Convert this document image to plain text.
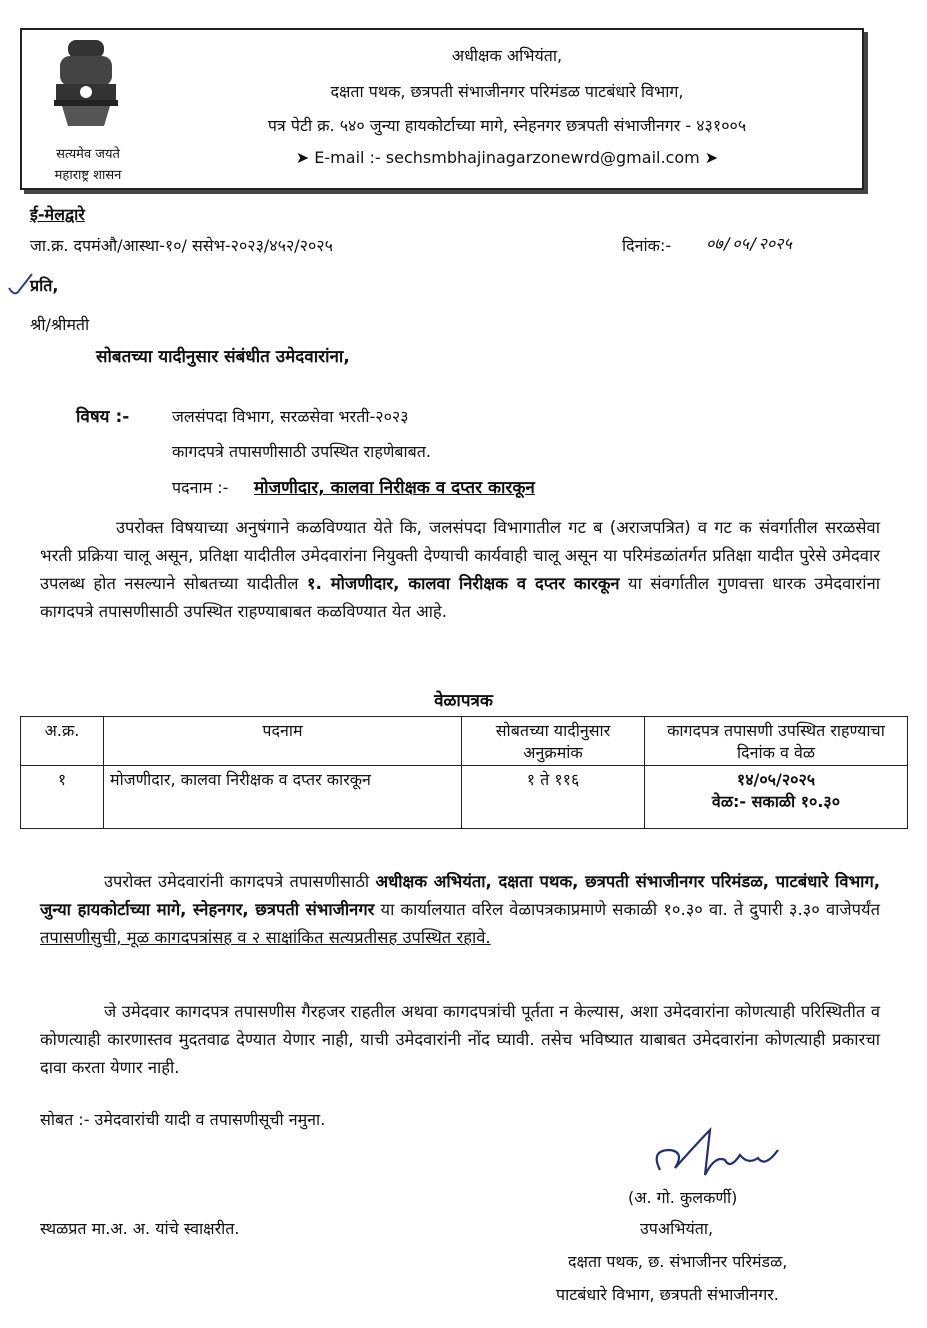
सत्यमेव जयते
महाराष्ट्र शासन
अधीक्षक अभियंता,
दक्षता पथक, छत्रपती संभाजीनगर परिमंडळ पाटबंधारे विभाग,
पत्र पेटी क्र. ५४० जुन्या हायकोर्टाच्या मागे, स्नेहनगर छत्रपती संभाजीनगर - ४३१००५
➤ E-mail :- sechsmbhajinagarzonewrd@gmail.com ➤
ई-मेलद्वारे
जा.क्र. दपमंऔ/आस्था-१०/ ससेभ-२०२३/४५२/२०२५	दिनांक:- ०७/०५/२०२५
प्रति,
श्री/श्रीमती
सोबतच्या यादीनुसार संबंधीत उमेदवारांना,
विषय :-	जलसंपदा विभाग, सरळसेवा भरती-२०२३
कागदपत्रे तपासणीसाठी उपस्थित राहणेबाबत.
पदनाम :- मोजणीदार, कालवा निरीक्षक व दप्तर कारकून
उपरोक्त विषयाच्या अनुषंगाने कळविण्यात येते कि, जलसंपदा विभागातील गट ब (अराजपत्रित) व गट क संवर्गातील सरळसेवा भरती प्रक्रिया चालू असून, प्रतिक्षा यादीतील उमेदवारांना नियुक्ती देण्याची कार्यवाही चालू असून या परिमंडळांतर्गत प्रतिक्षा यादीत पुरेसे उमेदवार उपलब्ध होत नसल्याने सोबतच्या यादीतील १. मोजणीदार, कालवा निरीक्षक व दप्तर कारकून या संवर्गातील गुणवत्ता धारक उमेदवारांना कागदपत्रे तपासणीसाठी उपस्थित राहण्याबाबत कळविण्यात येत आहे.
वेळापत्रक
अ.क्र.	पदनाम	सोबतच्या यादीनुसार अनुक्रमांक	कागदपत्र तपासणी उपस्थित राहण्याचा दिनांक व वेळ
१	मोजणीदार, कालवा निरीक्षक व दप्तर कारकून	१ ते ११६	१४/०५/२०२५
वेळ:- सकाळी १०.३०
उपरोक्त उमेदवारांनी कागदपत्रे तपासणीसाठी अधीक्षक अभियंता, दक्षता पथक, छत्रपती संभाजीनगर परिमंडळ, पाटबंधारे विभाग, जुन्या हायकोर्टाच्या मागे, स्नेहनगर, छत्रपती संभाजीनगर या कार्यालयात वरिल वेळापत्रकाप्रमाणे सकाळी १०.३० वा. ते दुपारी ३.३० वाजेपर्यंत तपासणीसुची, मूळ कागदपत्रांसह व २ साक्षांकित सत्यप्रतीसह उपस्थित रहावे.
जे उमेदवार कागदपत्र तपासणीस गैरहजर राहतील अथवा कागदपत्रांची पूर्तता न केल्यास, अशा उमेदवारांना कोणत्याही परिस्थितीत व कोणत्याही कारणास्तव मुदतवाढ देण्यात येणार नाही, याची उमेदवारांनी नोंद घ्यावी. तसेच भविष्यात याबाबत उमेदवारांना कोणत्याही प्रकारचा दावा करता येणार नाही.
सोबत :- उमेदवारांची यादी व तपासणीसूची नमुना.
(अ. गो. कुलकर्णी)
उपअभियंता,
दक्षता पथक, छ. संभाजीनर परिमंडळ,
पाटबंधारे विभाग, छत्रपती संभाजीनगर.
स्थळप्रत मा.अ. अ. यांचे स्वाक्षरीत.
